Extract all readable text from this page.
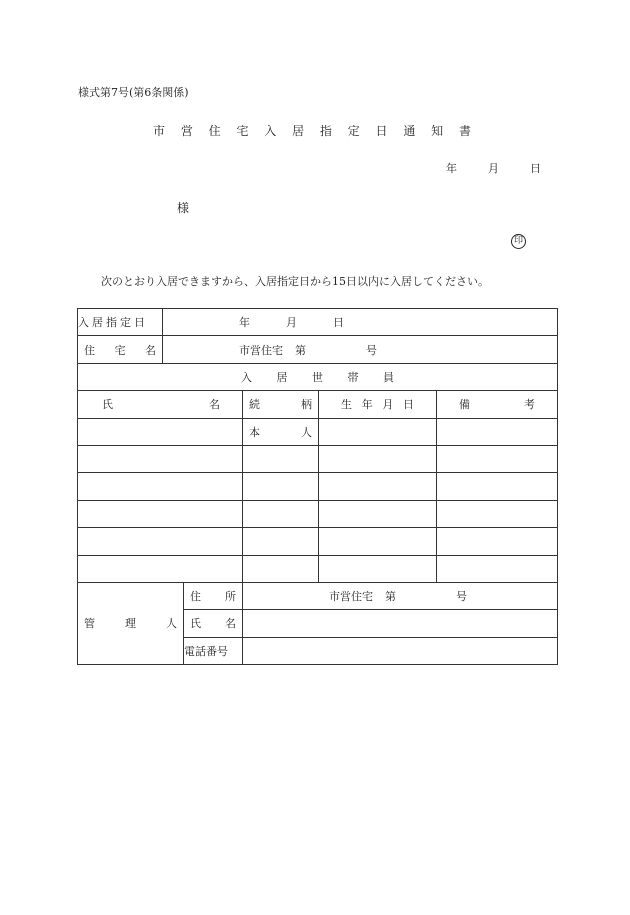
様式第7号(第6条関係)
市 営 住 宅 入 居 指 定 日 通 知 書
年	月	日
様
印
次のとおり入居できますから、入居指定日から15日以内に入居してください。
入居指定日	年 月 日				

住 宅 名	市営住宅 第 号				

入 居 世 帯 員					

氏 名			続 柄	生 年 月 日	備 考

			本 人		

管 理 人		住 所	市営住宅 第 号		

		氏 名			

		電話番号			
